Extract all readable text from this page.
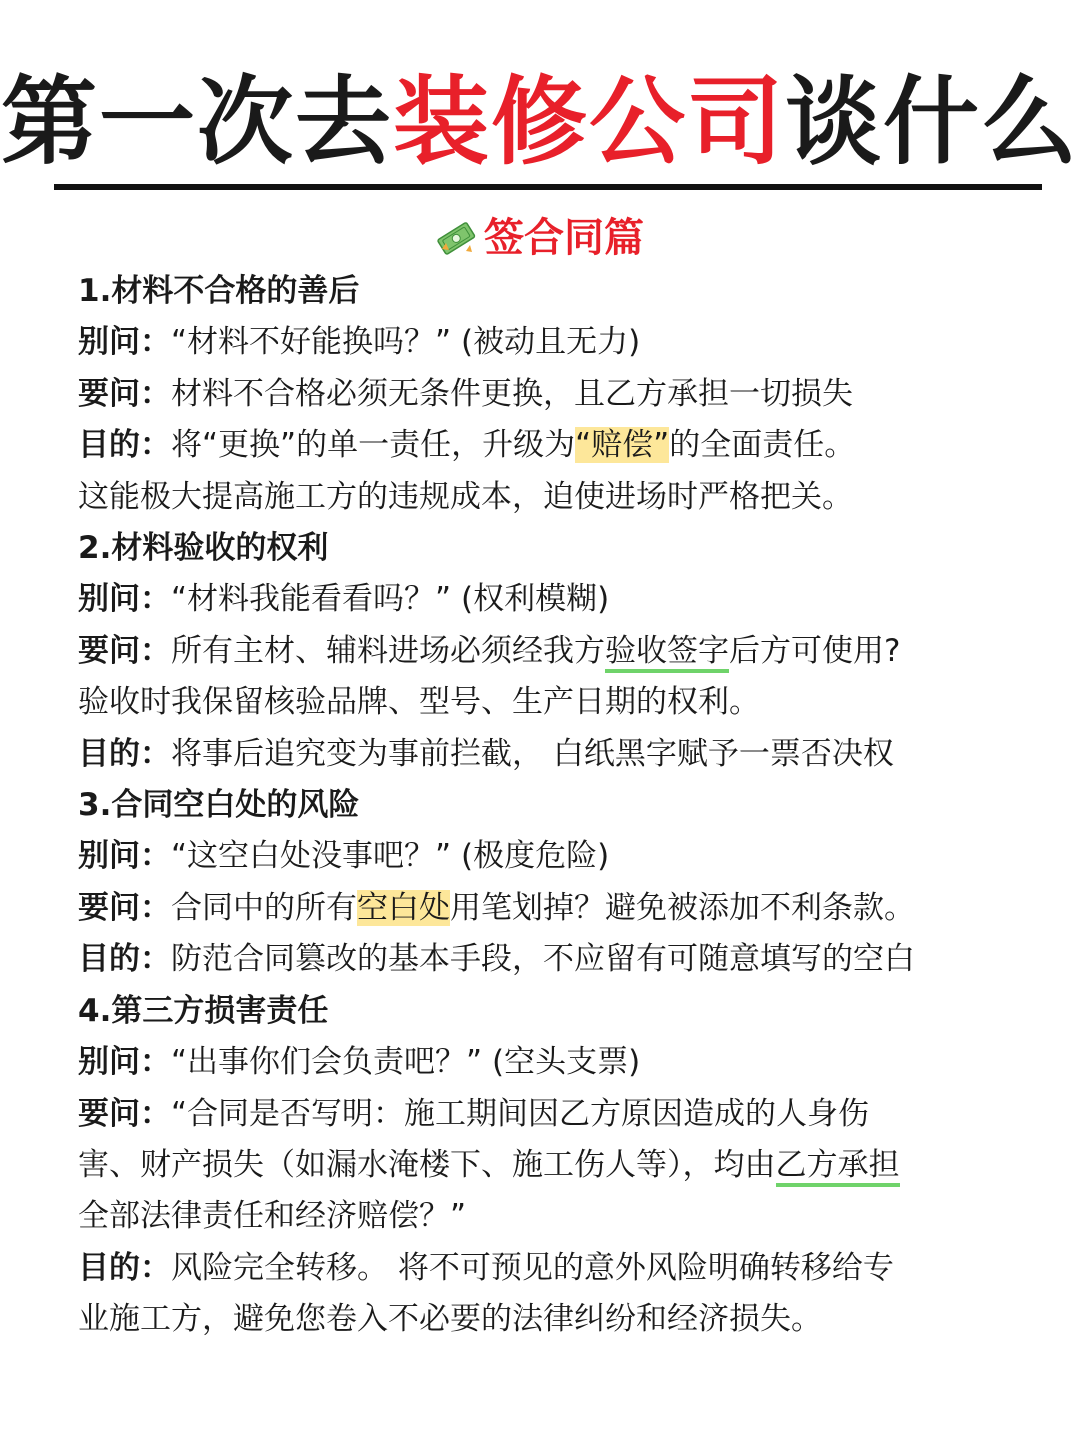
第一次去装修公司谈什么
签合同篇

1.材料不合格的善后

别问：“材料不好能换吗？” (被动且无力)

要问：材料不合格必须无条件更换，且乙方承担一切损失

目的：将“更换”的单一责任，升级为“赔偿”的全面责任。

这能极大提高施工方的违规成本，迫使进场时严格把关。

2.材料验收的权利

别问：“材料我能看看吗？” (权利模糊)

要问：所有主材、辅料进场必须经我方验收签字后方可使用?

验收时我保留核验品牌、型号、生产日期的权利。

目的：将事后追究变为事前拦截， 白纸黑字赋予一票否决权

3.合同空白处的风险

别问：“这空白处没事吧？” (极度危险)

要问：合同中的所有空白处用笔划掉？避免被添加不利条款。

目的：防范合同篡改的基本手段，不应留有可随意填写的空白

4.第三方损害责任

别问：“出事你们会负责吧？” (空头支票)

要问：“合同是否写明：施工期间因乙方原因造成的人身伤

害、财产损失（如漏水淹楼下、施工伤人等），均由乙方承担

全部法律责任和经济赔偿？”

目的：风险完全转移。 将不可预见的意外风险明确转移给专

业施工方，避免您卷入不必要的法律纠纷和经济损失。
